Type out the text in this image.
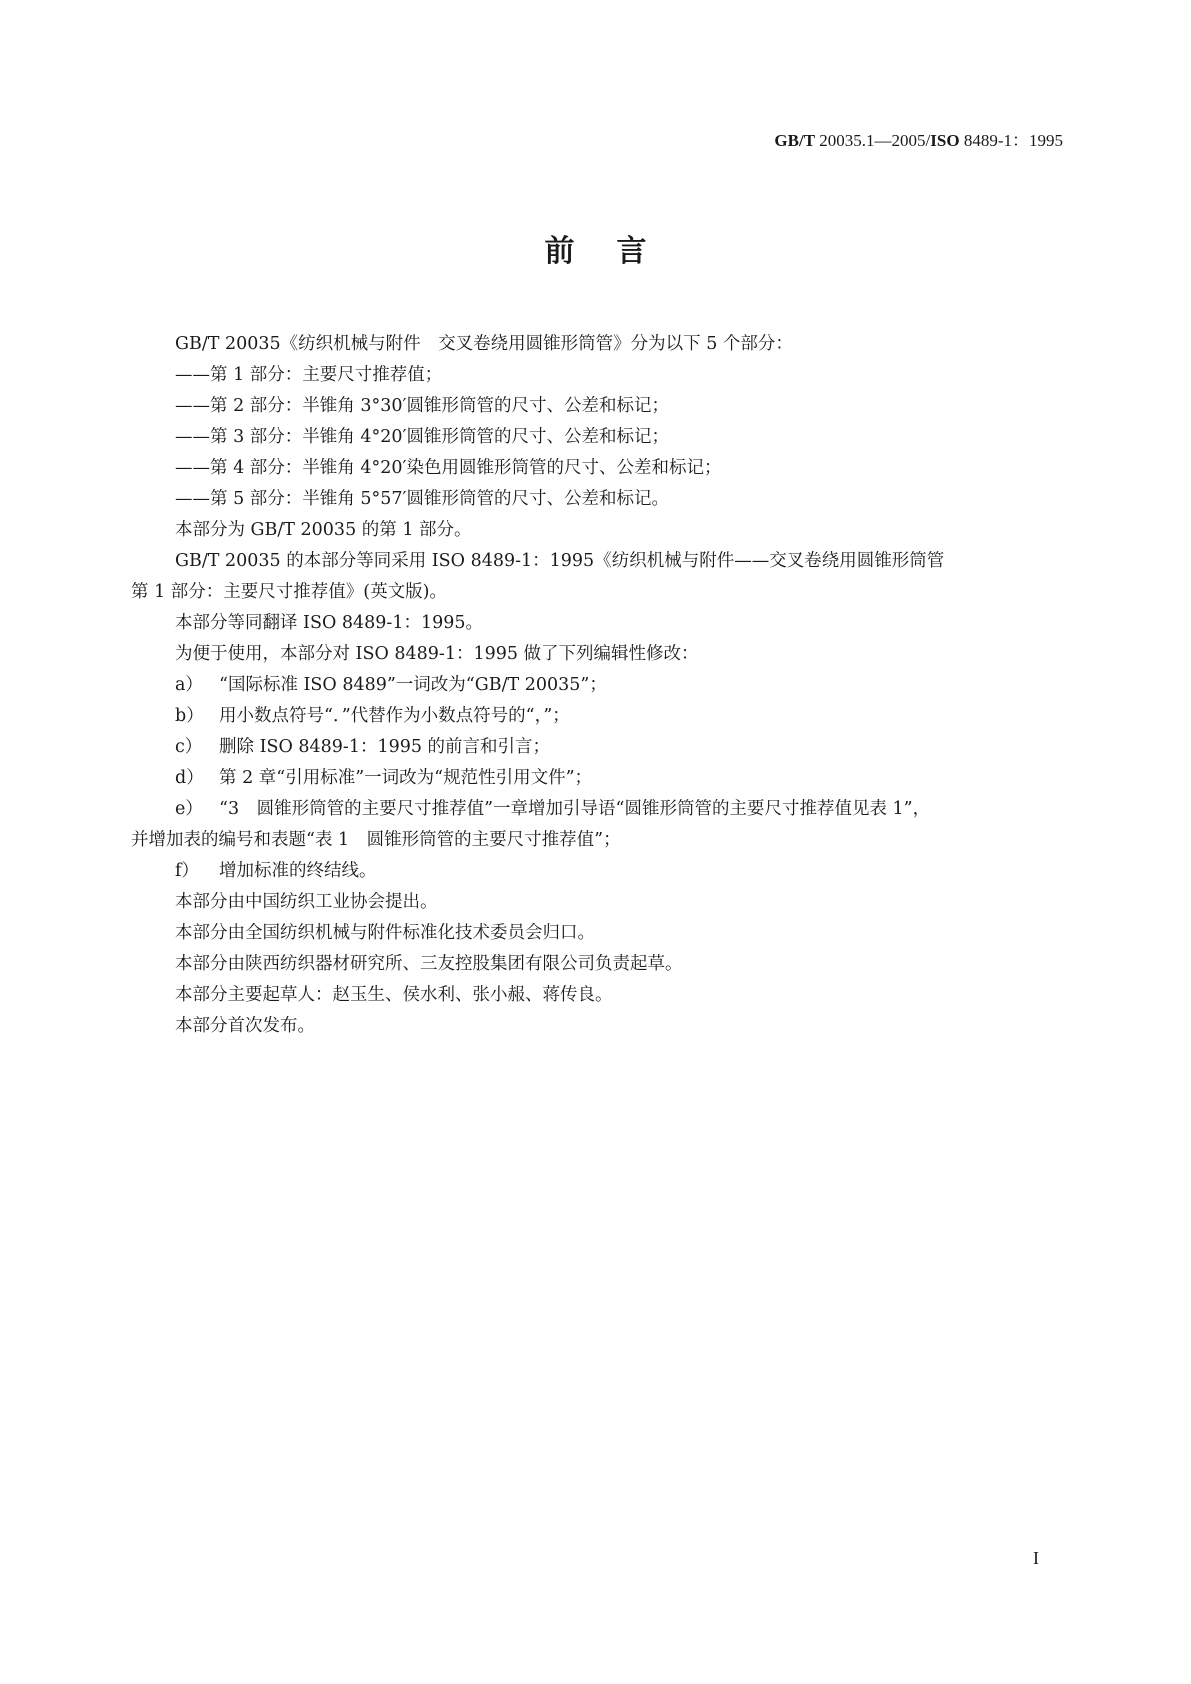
GB/T 20035.1—2005/ISO 8489-1：1995
前言
GB/T 20035《纺织机械与附件　交叉卷绕用圆锥形筒管》分为以下 5 个部分：
——第 1 部分：主要尺寸推荐值；
——第 2 部分：半锥角 3°30′圆锥形筒管的尺寸、公差和标记；
——第 3 部分：半锥角 4°20′圆锥形筒管的尺寸、公差和标记；
——第 4 部分：半锥角 4°20′染色用圆锥形筒管的尺寸、公差和标记；
——第 5 部分：半锥角 5°57′圆锥形筒管的尺寸、公差和标记。
本部分为 GB/T 20035 的第 1 部分。
GB/T 20035 的本部分等同采用 ISO 8489-1：1995《纺织机械与附件——交叉卷绕用圆锥形筒管
第 1 部分：主要尺寸推荐值》(英文版)。
本部分等同翻译 ISO 8489-1：1995。
为便于使用，本部分对 ISO 8489-1：1995 做了下列编辑性修改：
a） “国际标准 ISO 8489”一词改为“GB/T 20035”；
b） 用小数点符号“．”代替作为小数点符号的“，”；
c） 删除 ISO 8489-1：1995 的前言和引言；
d） 第 2 章“引用标准”一词改为“规范性引用文件”；
e） “3　圆锥形筒管的主要尺寸推荐值”一章增加引导语“圆锥形筒管的主要尺寸推荐值见表 1”，
并增加表的编号和表题“表 1　圆锥形筒管的主要尺寸推荐值”；
f） 增加标准的终结线。
本部分由中国纺织工业协会提出。
本部分由全国纺织机械与附件标准化技术委员会归口。
本部分由陕西纺织器材研究所、三友控股集团有限公司负责起草。
本部分主要起草人：赵玉生、侯水利、张小赧、蒋传良。
本部分首次发布。
I
